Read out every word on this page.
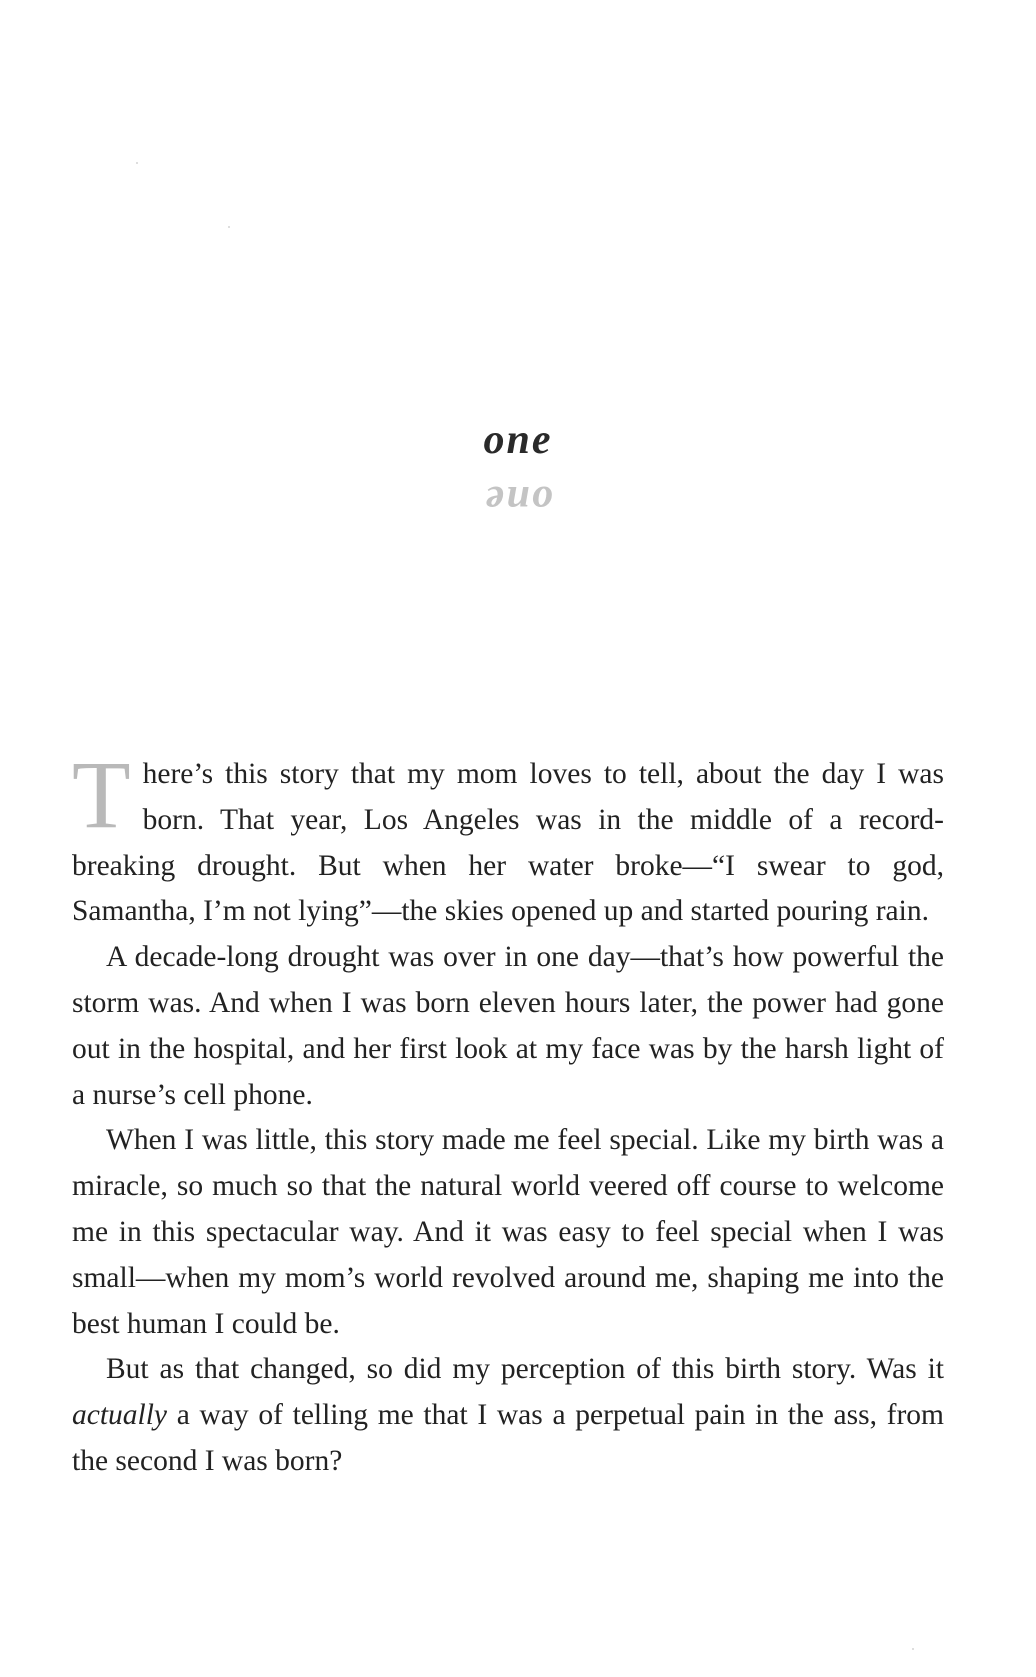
one
one

There’s this story that my mom loves to tell, about the day I was born. That year, Los Angeles was in the middle of a record-breaking drought. But when her water broke—“I swear to god, Samantha, I’m not lying”—the skies opened up and started pouring rain.

A decade-long drought was over in one day—that’s how powerful the storm was. And when I was born eleven hours later, the power had gone out in the hospital, and her first look at my face was by the harsh light of a nurse’s cell phone.

When I was little, this story made me feel special. Like my birth was a miracle, so much so that the natural world veered off course to welcome me in this spectacular way. And it was easy to feel special when I was small—when my mom’s world revolved around me, shaping me into the best human I could be.

But as that changed, so did my perception of this birth story. Was it actually a way of telling me that I was a perpetual pain in the ass, from the second I was born?
